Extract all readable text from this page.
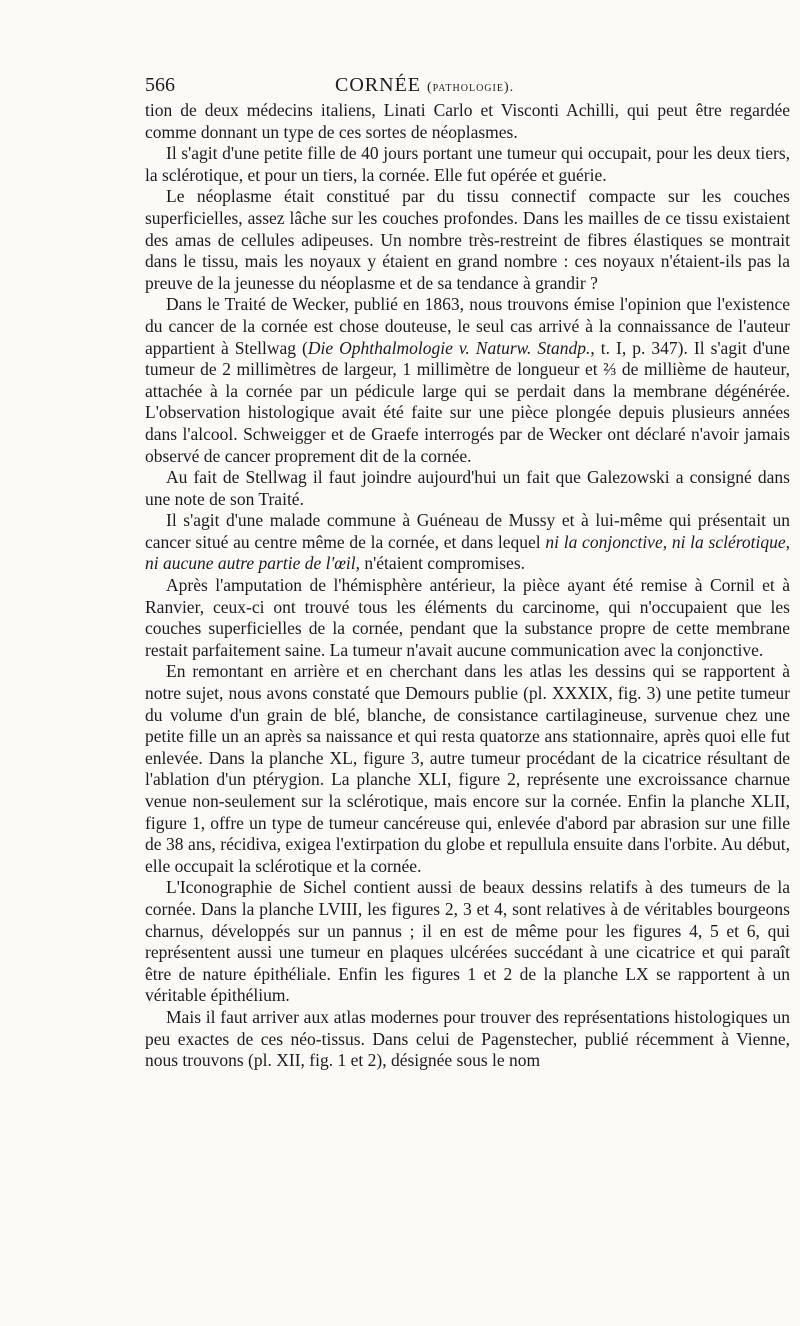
566	CORNÉE (pathologie).

tion de deux médecins italiens, Linati Carlo et Visconti Achilli, qui peut être regardée comme donnant un type de ces sortes de néoplasmes.

Il s'agit d'une petite fille de 40 jours portant une tumeur qui occupait, pour les deux tiers, la sclérotique, et pour un tiers, la cornée. Elle fut opérée et guérie.

Le néoplasme était constitué par du tissu connectif compacte sur les couches superficielles, assez lâche sur les couches profondes. Dans les mailles de ce tissu existaient des amas de cellules adipeuses. Un nombre très-restreint de fibres élastiques se montrait dans le tissu, mais les noyaux y étaient en grand nombre : ces noyaux n'étaient-ils pas la preuve de la jeunesse du néoplasme et de sa tendance à grandir ?

Dans le Traité de Wecker, publié en 1863, nous trouvons émise l'opinion que l'existence du cancer de la cornée est chose douteuse, le seul cas arrivé à la connaissance de l'auteur appartient à Stellwag (Die Ophthalmologie v. Naturw. Standp., t. I, p. 347). Il s'agit d'une tumeur de 2 millimètres de largeur, 1 millimètre de longueur et ⅔ de millième de hauteur, attachée à la cornée par un pédicule large qui se perdait dans la membrane dégénérée. L'observation histologique avait été faite sur une pièce plongée depuis plusieurs années dans l'alcool. Schweigger et de Graefe interrogés par de Wecker ont déclaré n'avoir jamais observé de cancer proprement dit de la cornée.

Au fait de Stellwag il faut joindre aujourd'hui un fait que Galezowski a consigné dans une note de son Traité.

Il s'agit d'une malade commune à Guéneau de Mussy et à lui-même qui présentait un cancer situé au centre même de la cornée, et dans lequel ni la conjonctive, ni la sclérotique, ni aucune autre partie de l'œil, n'étaient compromises.

Après l'amputation de l'hémisphère antérieur, la pièce ayant été remise à Cornil et à Ranvier, ceux-ci ont trouvé tous les éléments du carcinome, qui n'occupaient que les couches superficielles de la cornée, pendant que la substance propre de cette membrane restait parfaitement saine. La tumeur n'avait aucune communication avec la conjonctive.

En remontant en arrière et en cherchant dans les atlas les dessins qui se rapportent à notre sujet, nous avons constaté que Demours publie (pl. XXXIX, fig. 3) une petite tumeur du volume d'un grain de blé, blanche, de consistance cartilagineuse, survenue chez une petite fille un an après sa naissance et qui resta quatorze ans stationnaire, après quoi elle fut enlevée. Dans la planche XL, figure 3, autre tumeur procédant de la cicatrice résultant de l'ablation d'un ptérygion. La planche XLI, figure 2, représente une excroissance charnue venue non-seulement sur la sclérotique, mais encore sur la cornée. Enfin la planche XLII, figure 1, offre un type de tumeur cancéreuse qui, enlevée d'abord par abrasion sur une fille de 38 ans, récidiva, exigea l'extirpation du globe et repullula ensuite dans l'orbite. Au début, elle occupait la sclérotique et la cornée.

L'Iconographie de Sichel contient aussi de beaux dessins relatifs à des tumeurs de la cornée. Dans la planche LVIII, les figures 2, 3 et 4, sont relatives à de véritables bourgeons charnus, développés sur un pannus ; il en est de même pour les figures 4, 5 et 6, qui représentent aussi une tumeur en plaques ulcérées succédant à une cicatrice et qui paraît être de nature épithéliale. Enfin les figures 1 et 2 de la planche LX se rapportent à un véritable épithélium.

Mais il faut arriver aux atlas modernes pour trouver des représentations histologiques un peu exactes de ces néo-tissus. Dans celui de Pagenstecher, publié récemment à Vienne, nous trouvons (pl. XII, fig. 1 et 2), désignée sous le nom
